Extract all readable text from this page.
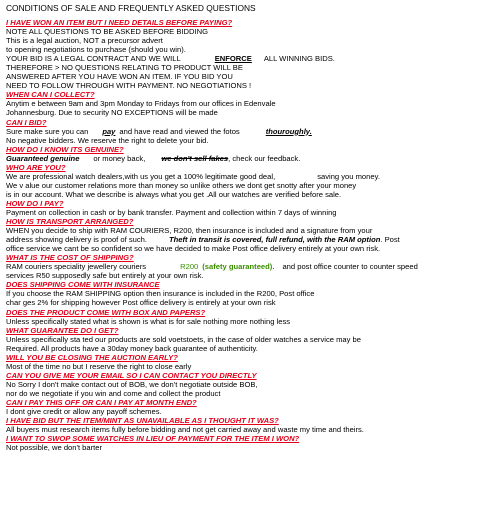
CONDITIONS OF SALE AND FREQUENTLY ASKED QUESTIONS
I HAVE WON AN ITEM BUT I NEED DETAILS BEFORE PAYING?
NOTE ALL QUESTIONS TO BE ASKED BEFORE BIDDING
This is a legal auction, NOT a precursor advert
to opening negotiations to purchase (should you win).
YOUR BID IS A LEGAL CONTRACT AND WE WILL	ENFORCE ALL WINNING BIDS.
THEREFORE > NO QUESTIONS RELATING TO PRODUCT WILL BE
ANSWERED AFTER YOU HAVE WON AN ITEM. IF YOU BID YOU
NEED TO FOLLOW THROUGH WITH PAYMENT. NO NEGOTIATIONS !
WHEN CAN I COLLECT?
Anytim e between 9am and 3pm Monday to Fridays from our offices in Edenvale
Johannesburg. Due to security NO EXCEPTIONS will be made
CAN I BID?
Sure make sure you can pay and have read and viewed the fotos	thouroughly.
No negative bidders. We reserve the right to delete your bid.
HOW DO I KNOW ITS GENUINE?
Guaranteed genuine or money back, we don't sell fakes, check our feedback.
WHO ARE YOU?
We are professional watch dealers,with us you get a 100% legitimate good deal,	saving you money.
We v alue our customer relations more than money so unlike others we dont get snotty after your money
is in our account. What we describe is always what you get .All our watches are verified before sale.
HOW DO I PAY?
Payment on collection in cash or by bank transfer. Payment and collection within 7 days of winning
HOW IS TRANSPORT ARRANGED?
WHEN you decide to ship with RAM COURIERS, R200, then insurance is included and a signature from your
address showing delivery is proof of such.	Theft in transit is covered, full refund, with the RAM option. Post
office service we cant be so confident so we have decided to make Post office delivery entirely at your own risk.
WHAT IS THE COST OF SHIPPING?
RAM couriers speciality jewellery couriers	R200 (safety guaranteed). and post office counter to counter speed
services R50 supposedly safe but entirely at your own risk.
DOES SHIPPING COME WITH INSURANCE
If you choose the RAM SHIPPING option then insurance is included in the R200, Post office
char ges 2% for shipping however Post office delivery is entirely at your own risk
DOES THE PRODUCT COME WITH BOX AND PAPERS?
Unless specifically stated what is shown is what is for sale nothing more nothing less
WHAT GUARANTEE DO I GET?
Unless specifically sta ted our products are sold voetstoets, in the case of older watches a service may be
Required. All products have a 30day money back guarantee of authenticity.
WILL YOU BE CLOSING THE AUCTION EARLY?
Most of the time no but I reserve the right to close early
CAN YOU GIVE ME YOUR EMAIL SO I CAN CONTACT YOU DIRECTLY
No Sorry I don't make contact out of BOB, we don't negotiate outside BOB,
nor do we negotiate if you win and come and collect the product
CAN I PAY THIS OFF OR CAN I PAY AT MONTH END?
I dont give credit or allow any payoff schemes.
I HAVE BID BUT THE ITEM/MINT AS UNAVAILABLE AS I THOUGHT IT WAS?
All buyers must research items fully before bidding and not get carried away and waste my time and theirs.
I WANT TO SWOP SOME WATCHES IN LIEU OF PAYMENT FOR THE ITEM I WON?
Not possible, we don't barter
